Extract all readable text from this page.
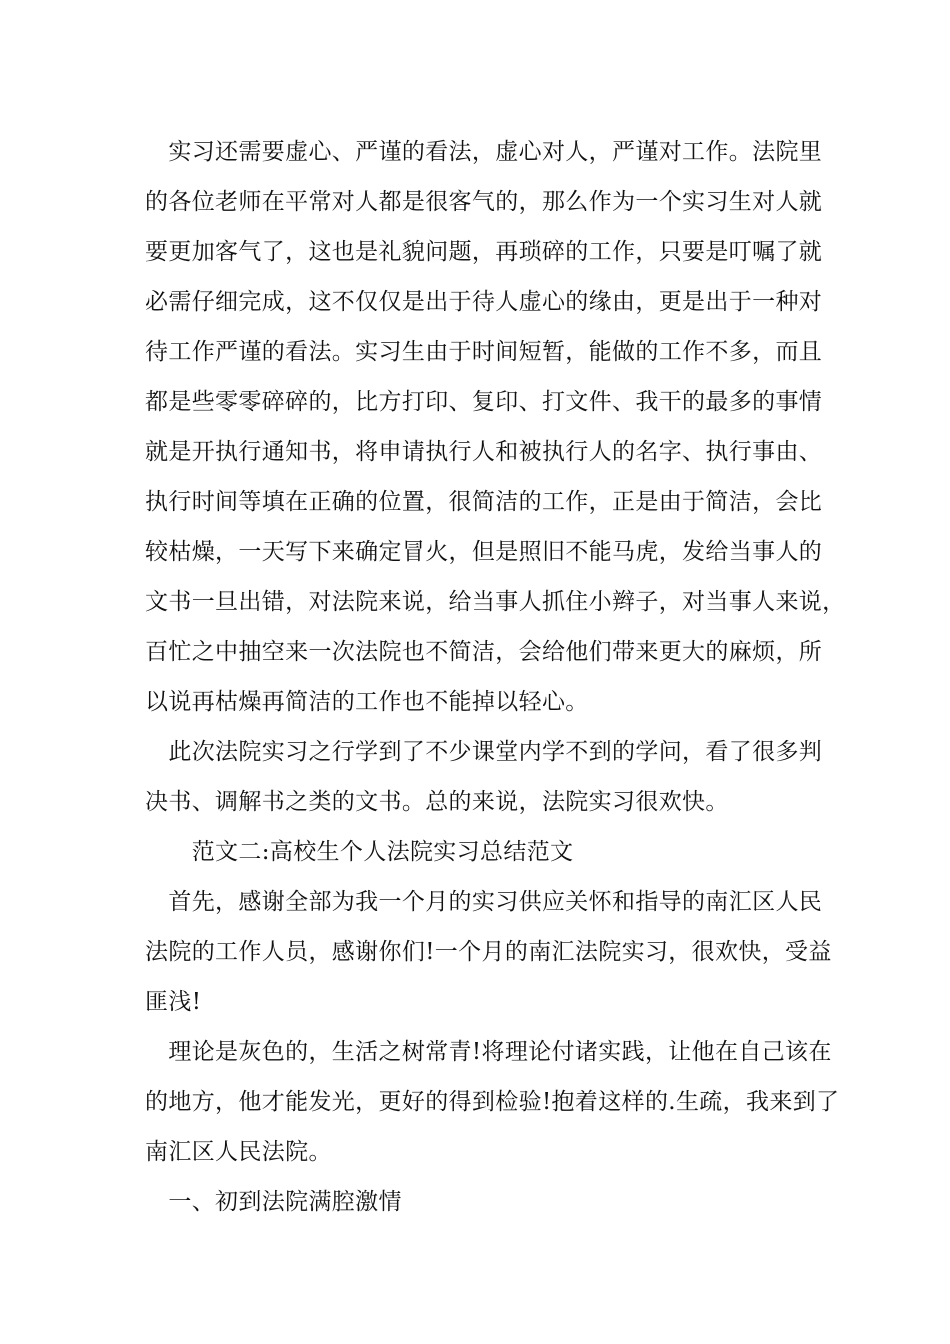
　实习还需要虚心、严谨的看法，虚心对人，严谨对工作。法院里
的各位老师在平常对人都是很客气的，那么作为一个实习生对人就
要更加客气了，这也是礼貌问题，再琐碎的工作，只要是叮嘱了就
必需仔细完成，这不仅仅是出于待人虚心的缘由，更是出于一种对
待工作严谨的看法。实习生由于时间短暂，能做的工作不多，而且
都是些零零碎碎的，比方打印、复印、打文件、我干的最多的事情
就是开执行通知书，将申请执行人和被执行人的名字、执行事由、
执行时间等填在正确的位置，很简洁的工作，正是由于简洁，会比
较枯燥，一天写下来确定冒火，但是照旧不能马虎，发给当事人的
文书一旦出错，对法院来说，给当事人抓住小辫子，对当事人来说，
百忙之中抽空来一次法院也不简洁，会给他们带来更大的麻烦，所
以说再枯燥再简洁的工作也不能掉以轻心。
　此次法院实习之行学到了不少课堂内学不到的学问，看了很多判
决书、调解书之类的文书。总的来说，法院实习很欢快。
　　范文二:高校生个人法院实习总结范文
　首先，感谢全部为我一个月的实习供应关怀和指导的南汇区人民
法院的工作人员，感谢你们!一个月的南汇法院实习，很欢快，受益
匪浅!
　理论是灰色的，生活之树常青!将理论付诸实践，让他在自己该在
的地方，他才能发光，更好的得到检验!抱着这样的.生疏，我来到了
南汇区人民法院。
　一、初到法院满腔激情
